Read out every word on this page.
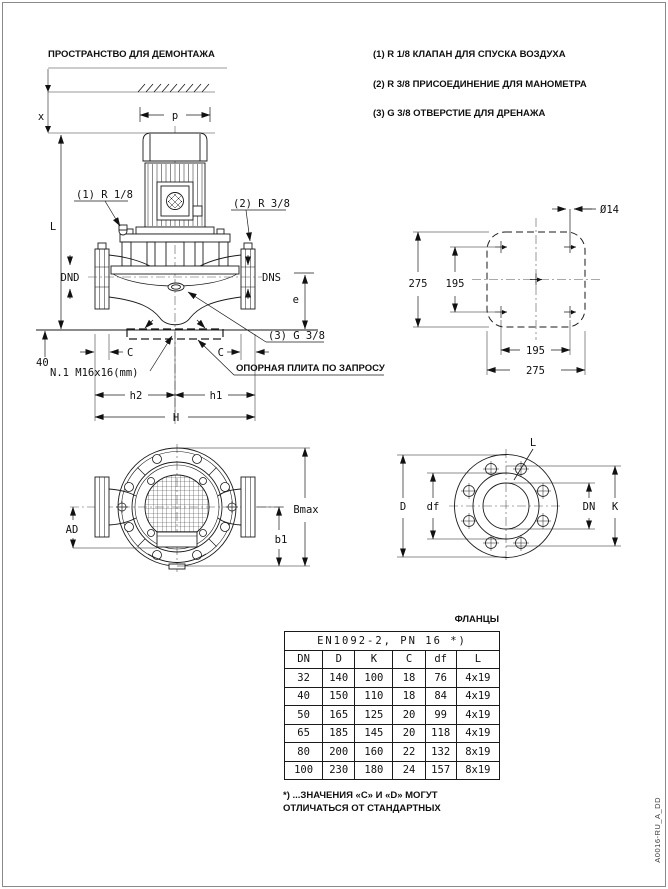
ПРОСТРАНСТВО ДЛЯ ДЕМОНТАЖА	(1) R 1/8 КЛАПАН ДЛЯ СПУСКА ВОЗДУХА
(2) R 3/8 ПРИСОЕДИНЕНИЕ ДЛЯ МАНОМЕТРА
(3) G 3/8 ОТВЕРСТИЕ ДЛЯ ДРЕНАЖА
x	p
L
DND	DNS
e
40
C	C
h2	h1
H
(1) R 1/8
(2) R 3/8
(3) G 3/8
N.1 M16x16(mm)	ОПОРНАЯ ПЛИТА ПО ЗАПРОСУ
Ø14
275 195
195
275
Bmax
b1
AD
L
D df	DN K
ФЛАНЦЫ
EN1092-2, PN 16 *)					
DN	D	K	C	df	L
32	140	100	18	76	4x19
40	150	110	18	84	4x19
50	165	125	20	99	4x19
65	185	145	20	118	4x19
80	200	160	22	132	8x19
100	230	180	24	157	8x19
*) ...ЗНАЧЕНИЯ «С» И «D» МОГУТ
ОТЛИЧАТЬСЯ ОТ СТАНДАРТНЫХ	A0016-RU_A_DD
